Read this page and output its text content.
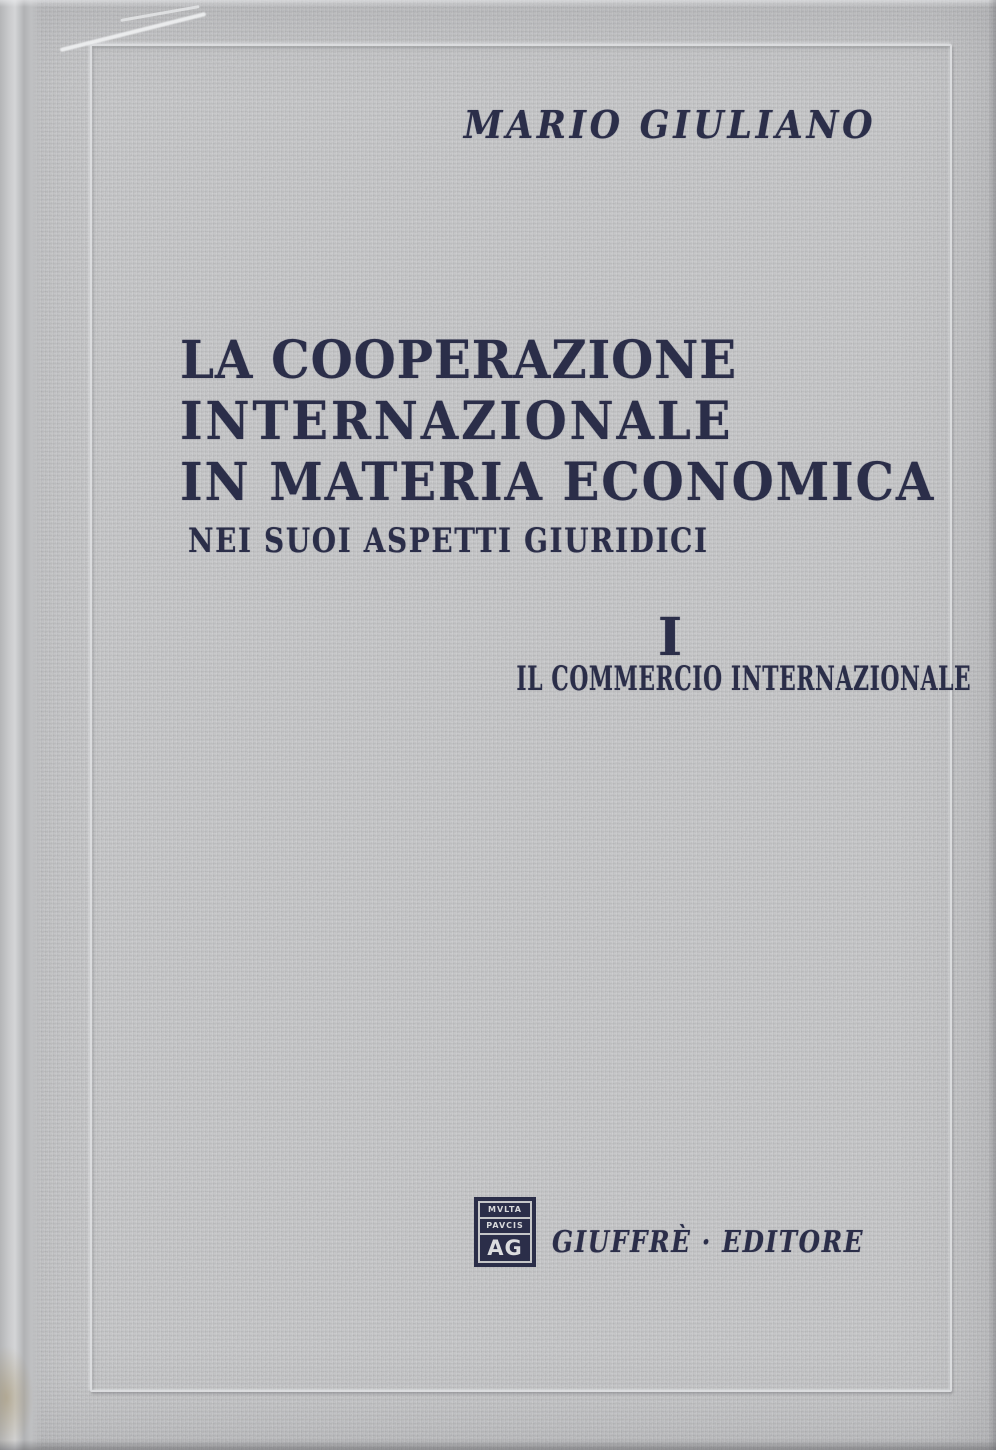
MARIO GIULIANO
LA COOPERAZIONE
INTERNAZIONALE
IN MATERIA ECONOMICA
NEI SUOI ASPETTI GIURIDICI
I
IL COMMERCIO INTERNAZIONALE
MVLTA
PAVCIS
AG GIUFFRÈ · EDITORE
